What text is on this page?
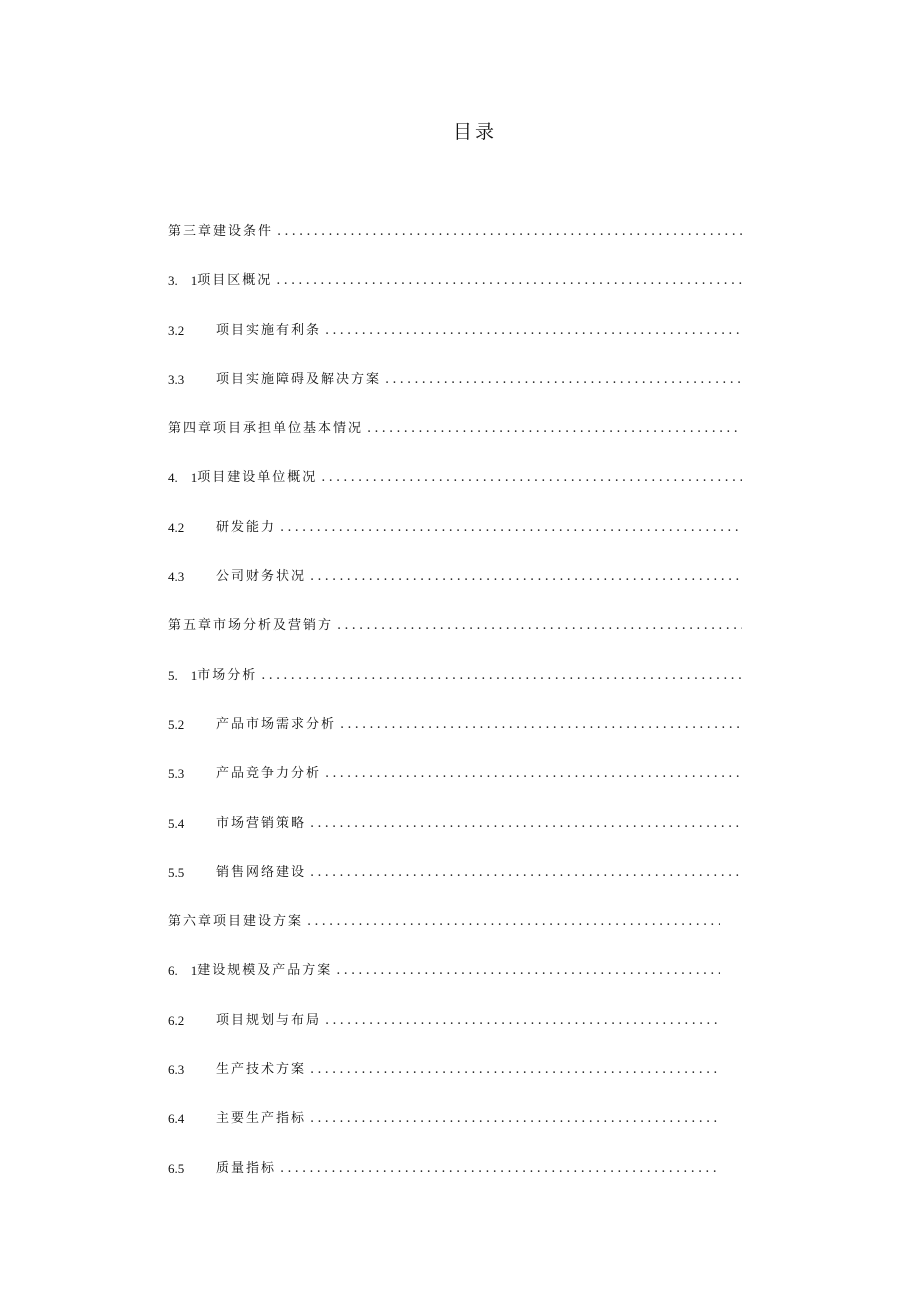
目录
第三章建设条件
.....
3.　1 项目区概况
.....
3.2	项目实施有利条
.....
3.3	项目实施障碍及解决方案
.....
第四章项目承担单位基本情况
.....
4.　1 项目建设单位概况
.....
4.2	研发能力
.....
4.3	公司财务状况
.....
第五章市场分析及营销方
.....
5.　1 市场分析
.....
5.2	产品市场需求分析
.....
5.3	产品竞争力分析
.....
5.4	市场营销策略
.....
5.5	销售网络建设
.....
第六章项目建设方案
.....
6.　1 建设规模及产品方案
.....
6.2	项目规划与布局
.....
6.3	生产技术方案
.....
6.4	主要生产指标
.....
6.5	质量指标
.....
